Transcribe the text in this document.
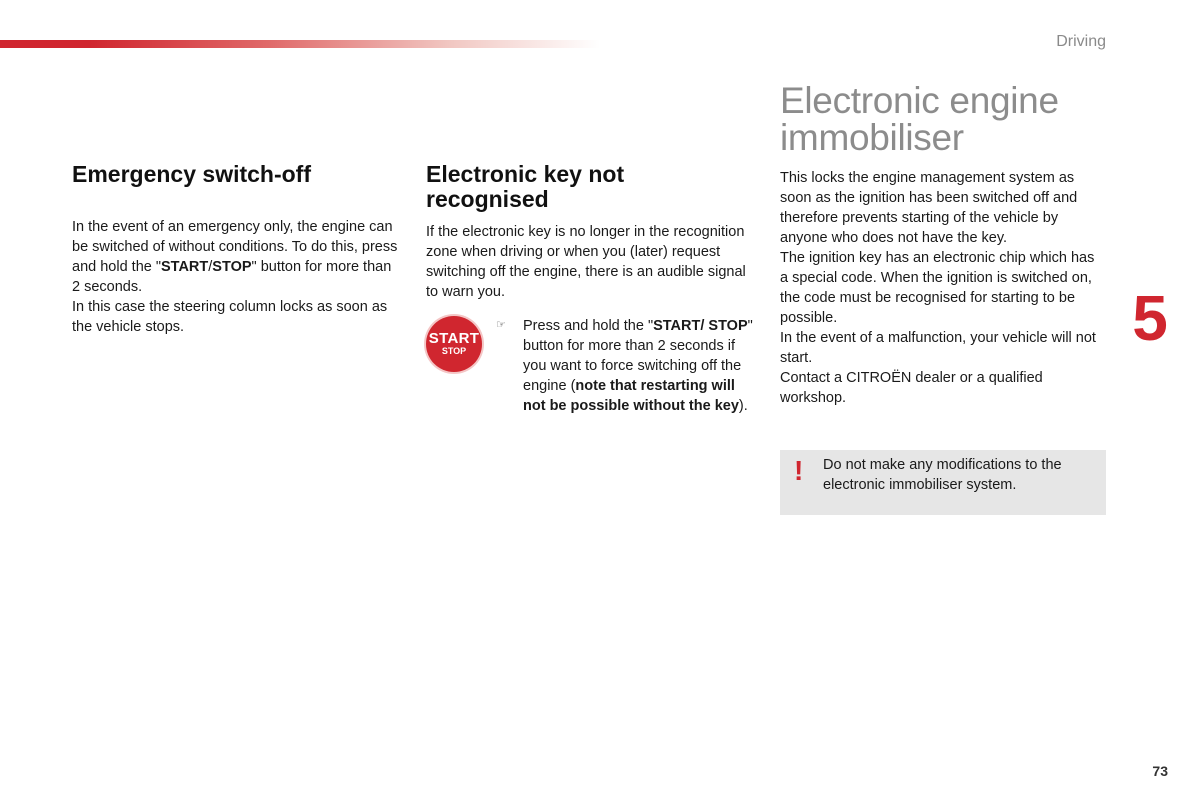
Driving
5
Emergency switch-off

In the event of an emergency only, the engine can be switched of without conditions. To do this, press and hold the "START/STOP" button for more than 2 seconds.

In this case the steering column locks as soon as the vehicle stops.

Electronic key not recognised

If the electronic key is no longer in the recognition zone when driving or when you (later) request switching off the engine, there is an audible signal to warn you.

START
STOP
☞ Press and hold the "START/ STOP" button for more than 2 seconds if you want to force switching off the engine (note that restarting will not be possible without the key).

Electronic engine immobiliser

This locks the engine management system as soon as the ignition has been switched off and therefore prevents starting of the vehicle by anyone who does not have the key.

The ignition key has an electronic chip which has a special code. When the ignition is switched on, the code must be recognised for starting to be possible.

In the event of a malfunction, your vehicle will not start.

Contact a CITROËN dealer or a qualified workshop.

! Do not make any modifications to the electronic immobiliser system.

73
